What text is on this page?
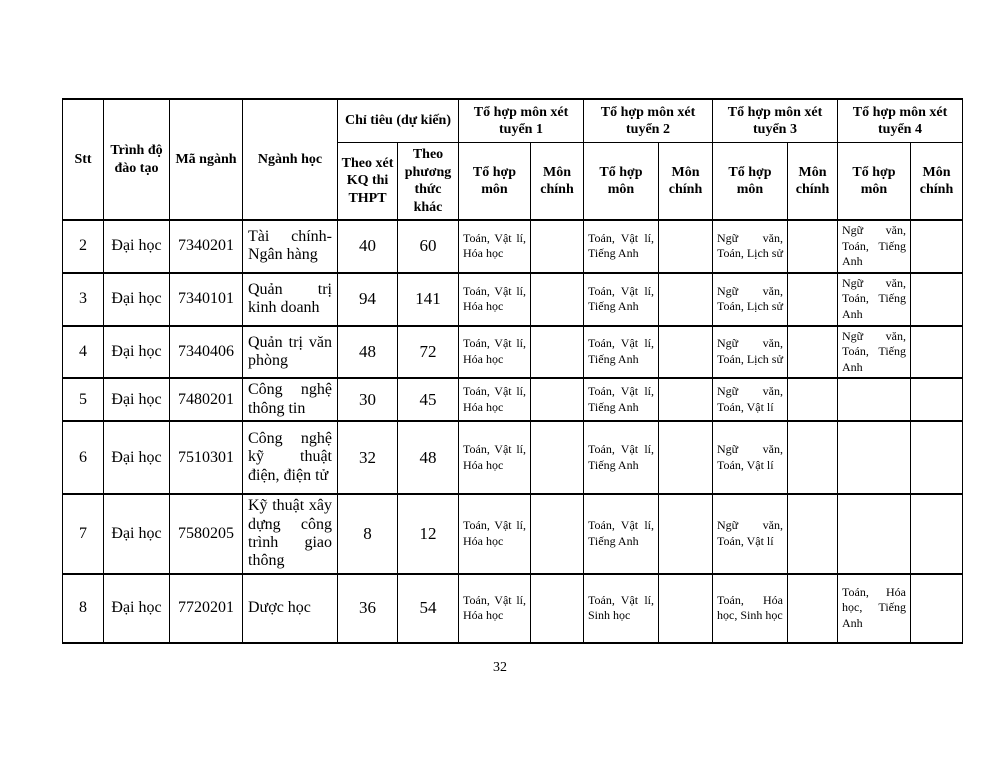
Stt	Trình độ đào tạo	Mã ngành	Ngành học	Chỉ tiêu (dự kiến)		Tổ hợp môn xét tuyển 1		Tổ hợp môn xét tuyển 2		Tổ hợp môn xét tuyển 3		Tổ hợp môn xét tuyển 4	
				Theo xét KQ thi THPT	Theo phương thức khác	Tổ hợp môn	Môn chính	Tổ hợp môn	Môn chính	Tổ hợp môn	Môn chính	Tổ hợp môn	Môn chính
2	Đại học	7340201	Tài chính- Ngân hàng	40	60	Toán, Vật lí, Hóa học		Toán, Vật lí, Tiếng Anh		Ngữ văn, Toán, Lịch sử		Ngữ văn, Toán, Tiếng Anh	
3	Đại học	7340101	Quản trị kinh doanh	94	141	Toán, Vật lí, Hóa học		Toán, Vật lí, Tiếng Anh		Ngữ văn, Toán, Lịch sử		Ngữ văn, Toán, Tiếng Anh	
4	Đại học	7340406	Quản trị văn phòng	48	72	Toán, Vật lí, Hóa học		Toán, Vật lí, Tiếng Anh		Ngữ văn, Toán, Lịch sử		Ngữ văn, Toán, Tiếng Anh	
5	Đại học	7480201	Công nghệ thông tin	30	45	Toán, Vật lí, Hóa học		Toán, Vật lí, Tiếng Anh		Ngữ văn, Toán, Vật lí			
6	Đại học	7510301	Công nghệ kỹ thuật điện, điện tử	32	48	Toán, Vật lí, Hóa học		Toán, Vật lí, Tiếng Anh		Ngữ văn, Toán, Vật lí			
7	Đại học	7580205	Kỹ thuật xây dựng công trình giao thông	8	12	Toán, Vật lí, Hóa học		Toán, Vật lí, Tiếng Anh		Ngữ văn, Toán, Vật lí			
8	Đại học	7720201	Dược học	36	54	Toán, Vật lí, Hóa học		Toán, Vật lí, Sinh học		Toán, Hóa học, Sinh học		Toán, Hóa học, Tiếng Anh	
32
